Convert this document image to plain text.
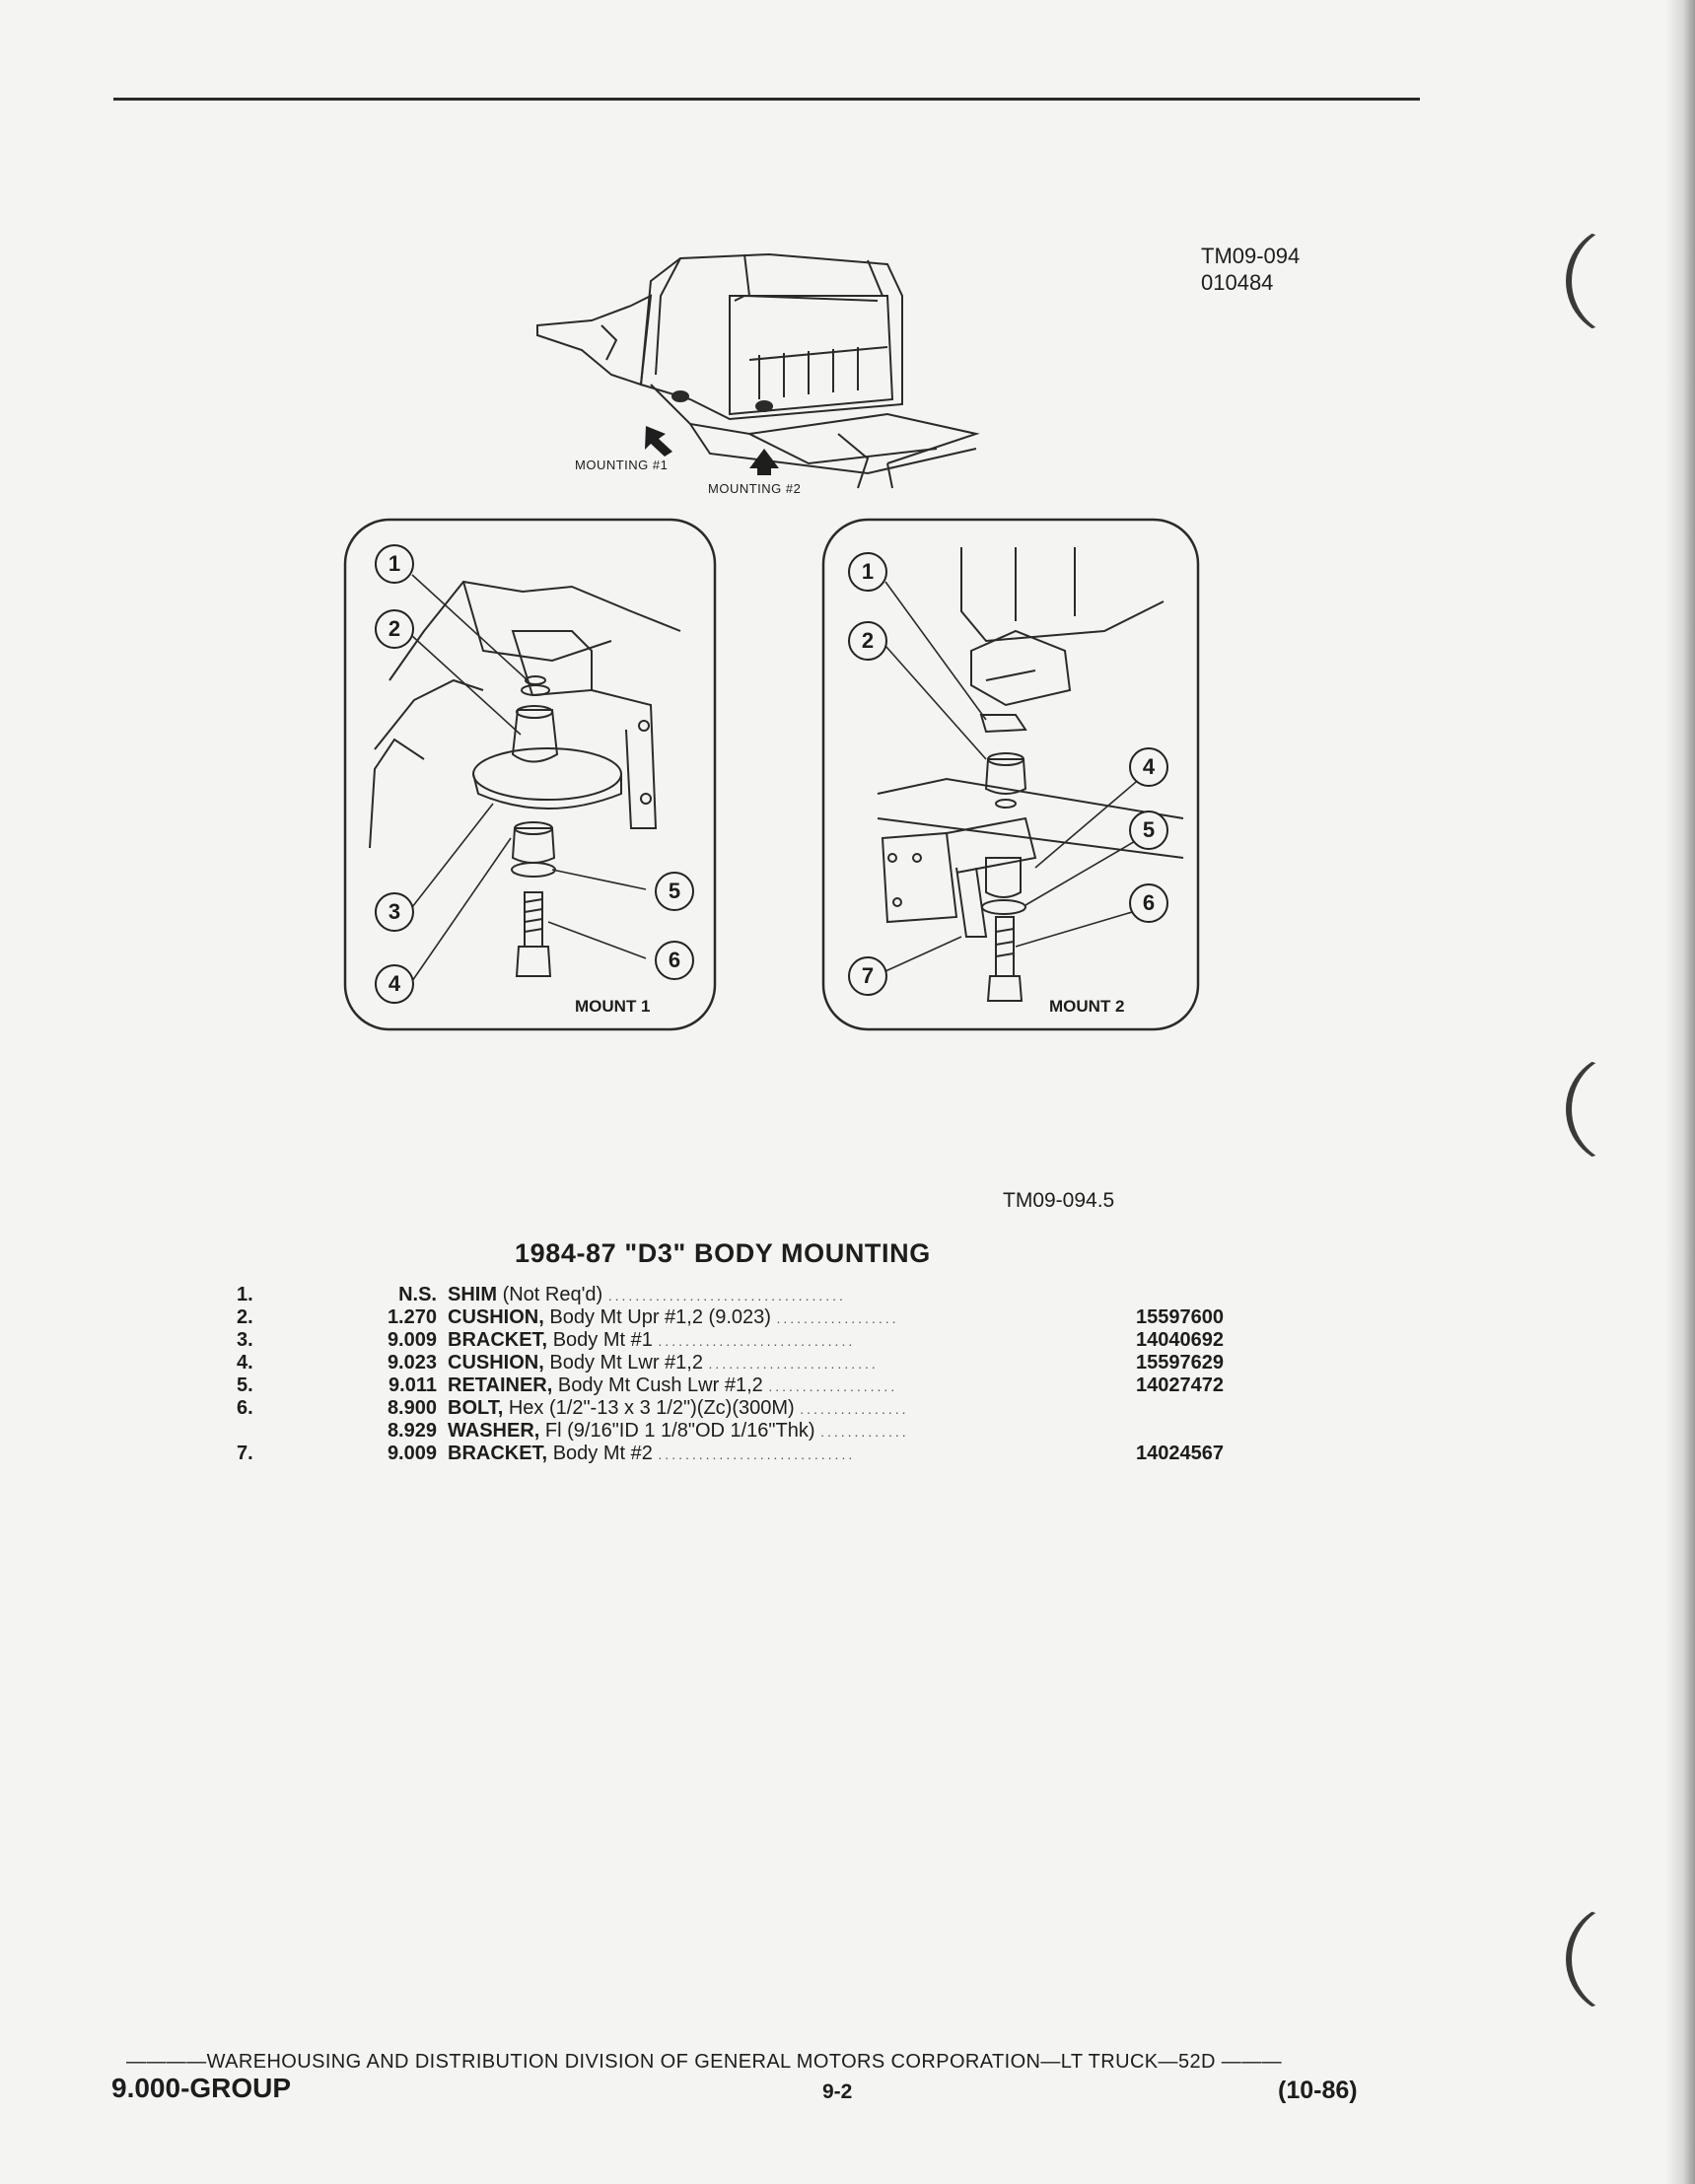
TM09-094
010484
MOUNTING #1
MOUNTING #2
1
2
3
4
5
6
MOUNT 1
1
2
4
5
6
7
MOUNT 2
TM09-094.5
1984-87 "D3" BODY MOUNTING
1.	N.S. SHIM (Not Req'd) ...................................
2.	1.270 CUSHION, Body Mt Upr #1,2 (9.023) ..................	15597600
3.	9.009 BRACKET, Body Mt #1 .............................	14040692
4.	9.023 CUSHION, Body Mt Lwr #1,2 .........................	15597629
5.	9.011 RETAINER, Body Mt Cush Lwr #1,2 ...................	14027472
6.	8.900 BOLT, Hex (1/2"-13 x 3 1/2")(Zc)(300M) ................
8.929 WASHER, Fl (9/16"ID 1 1/8"OD 1/16"Thk) .............
7.	9.009 BRACKET, Body Mt #2 .............................	14024567
————WAREHOUSING AND DISTRIBUTION DIVISION OF GENERAL MOTORS CORPORATION—LT TRUCK—52D ———
9.000-GROUP	9-2	(10-86)
